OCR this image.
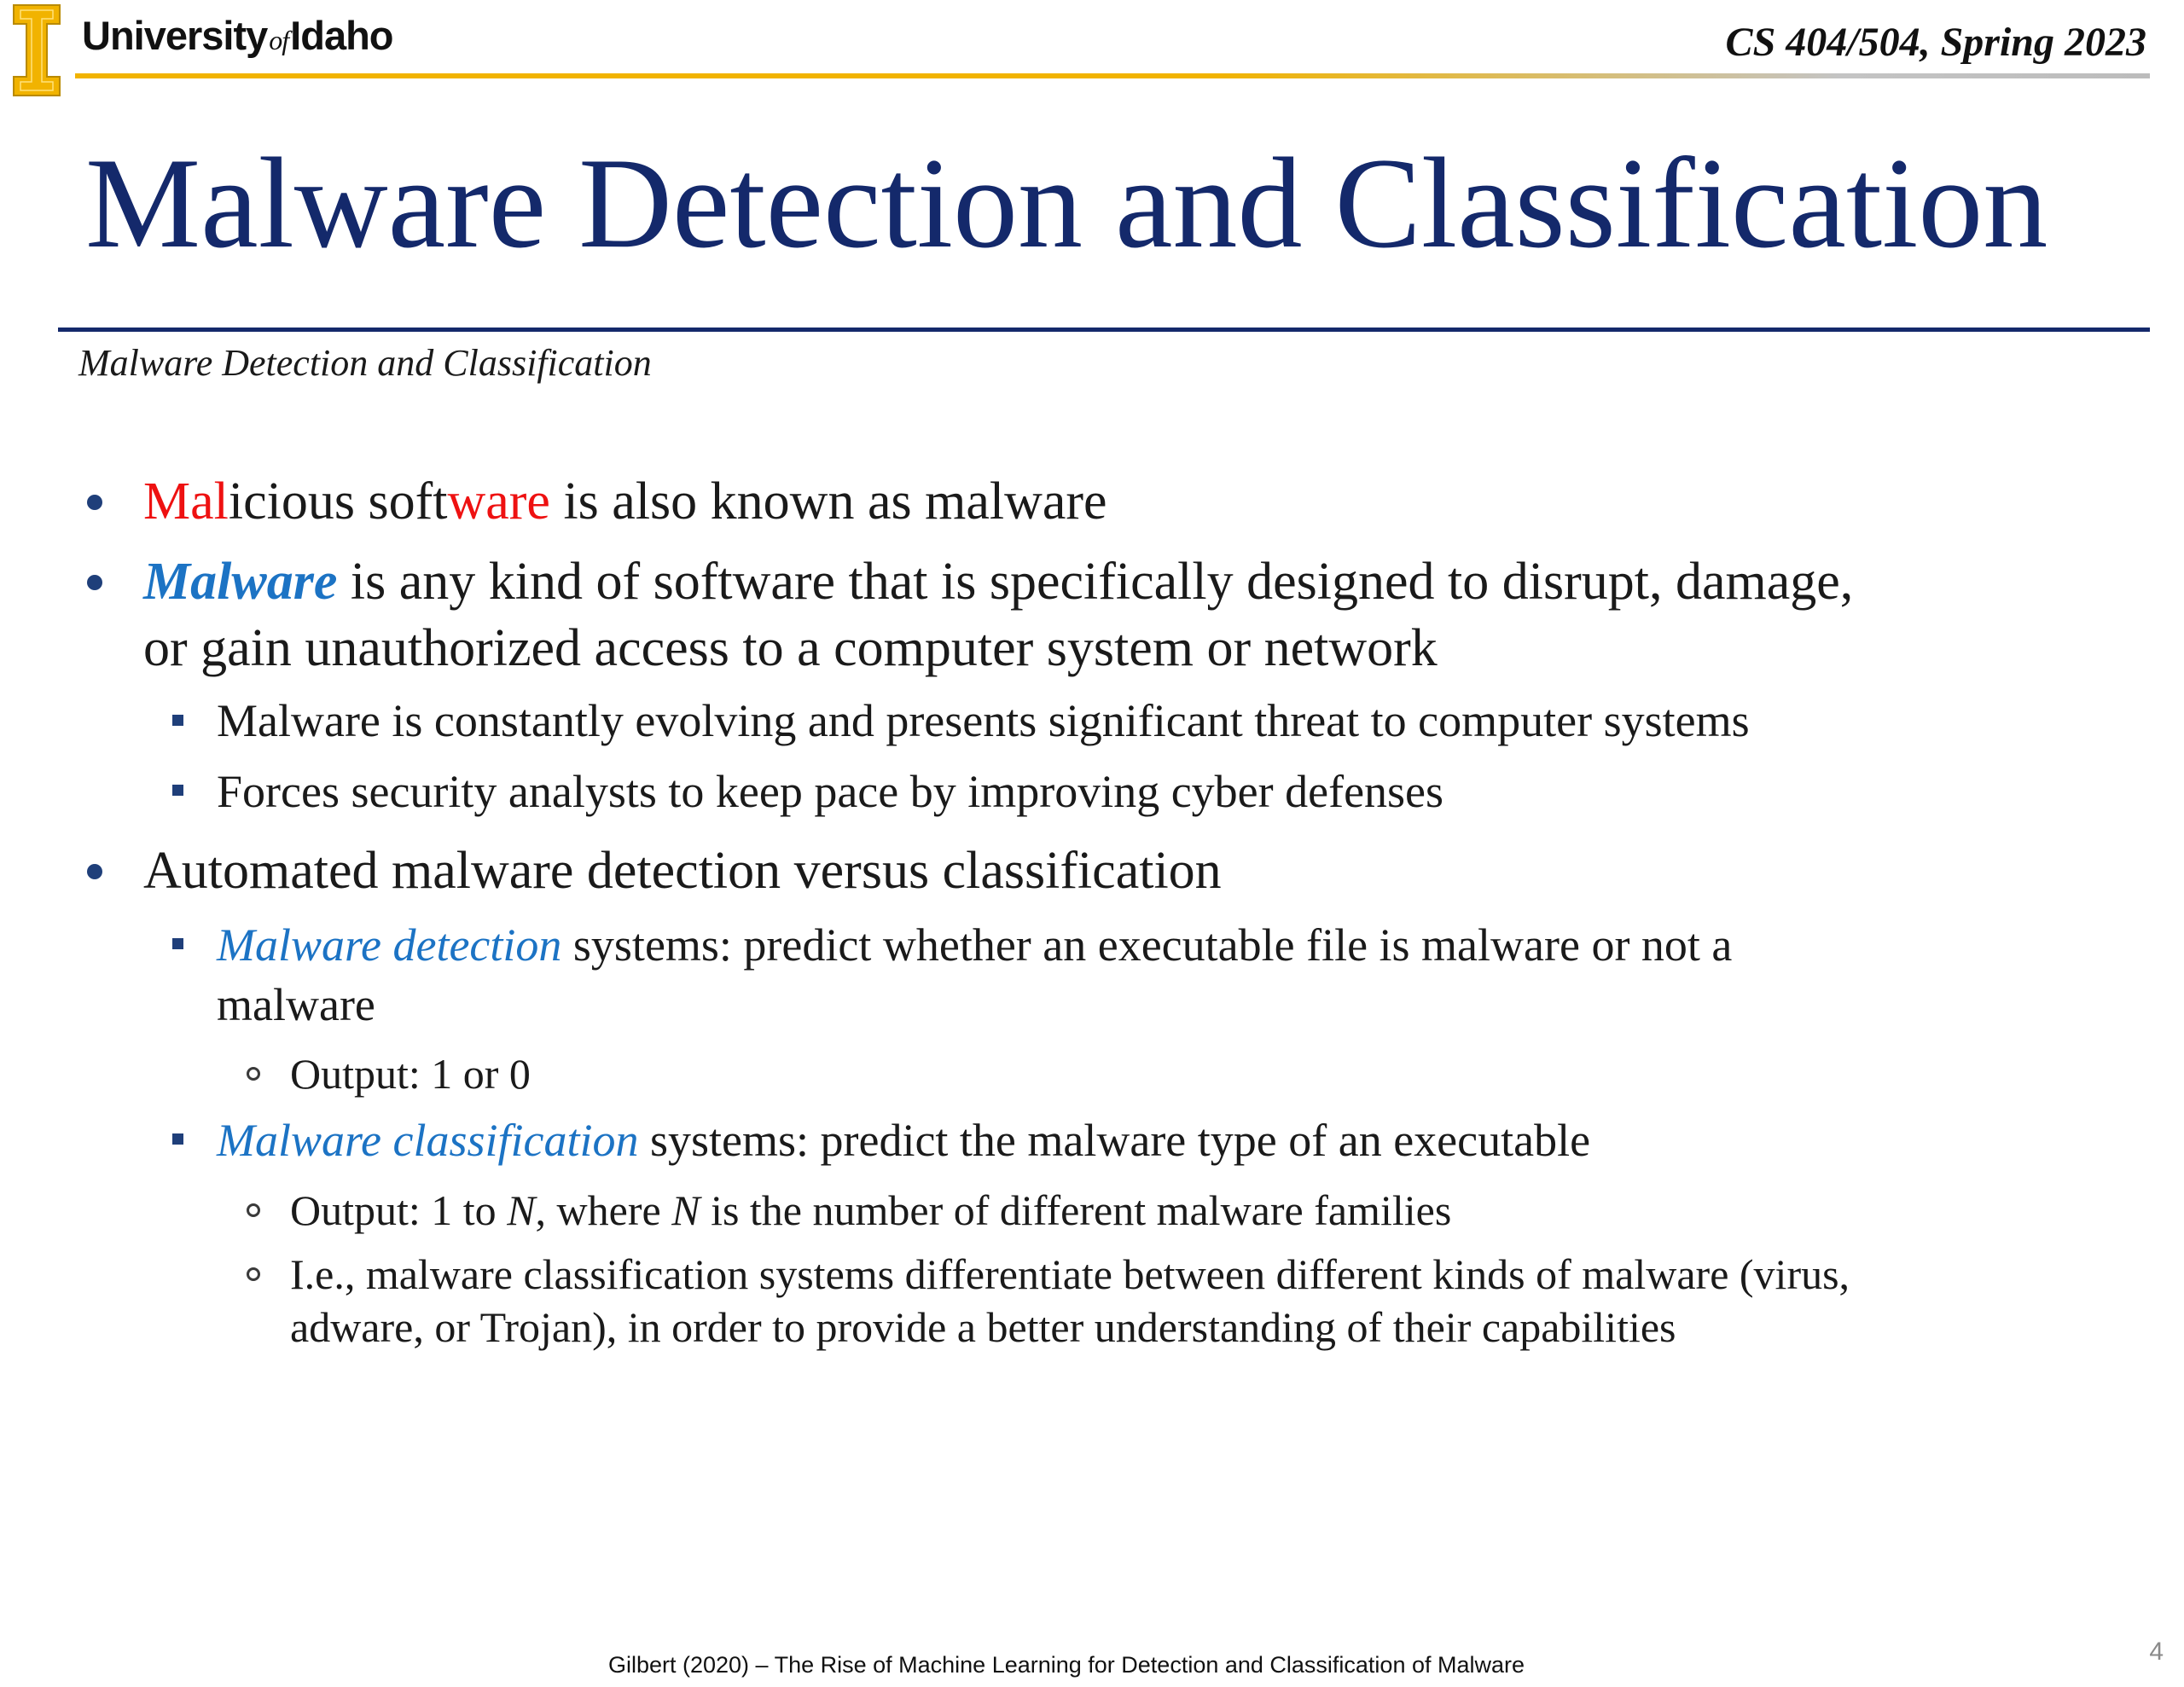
UniversityofIdaho	CS 404/504, Spring 2023
Malware Detection and Classification
Malware Detection and Classification
Malicious software is also known as malware
Malware is any kind of software that is specifically designed to disrupt, damage,
or gain unauthorized access to a computer system or network
Malware is constantly evolving and presents significant threat to computer systems
Forces security analysts to keep pace by improving cyber defenses
Automated malware detection versus classification
Malware detection systems: predict whether an executable file is malware or not a
malware
Output: 1 or 0
Malware classification systems: predict the malware type of an executable
Output: 1 to N, where N is the number of different malware families
I.e., malware classification systems differentiate between different kinds of malware (virus,
adware, or Trojan), in order to provide a better understanding of their capabilities
Gilbert (2020) – The Rise of Machine Learning for Detection and Classification of Malware	4
